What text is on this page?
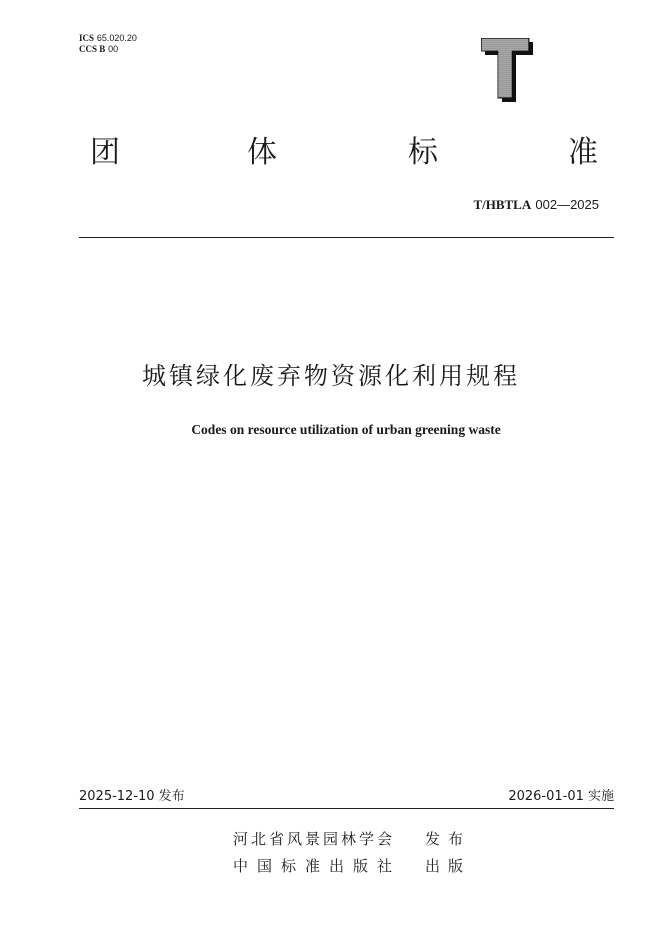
ICS 65.020.20
CCS B 00
团	体	标	准
T/HBTLA 002—2025
城镇绿化废弃物资源化利用规程
Codes on resource utilization of urban greening waste
2025-12-10 发布	2026-01-01 实施
河北省风景园林学会 发布
中国标准出版社 出版
